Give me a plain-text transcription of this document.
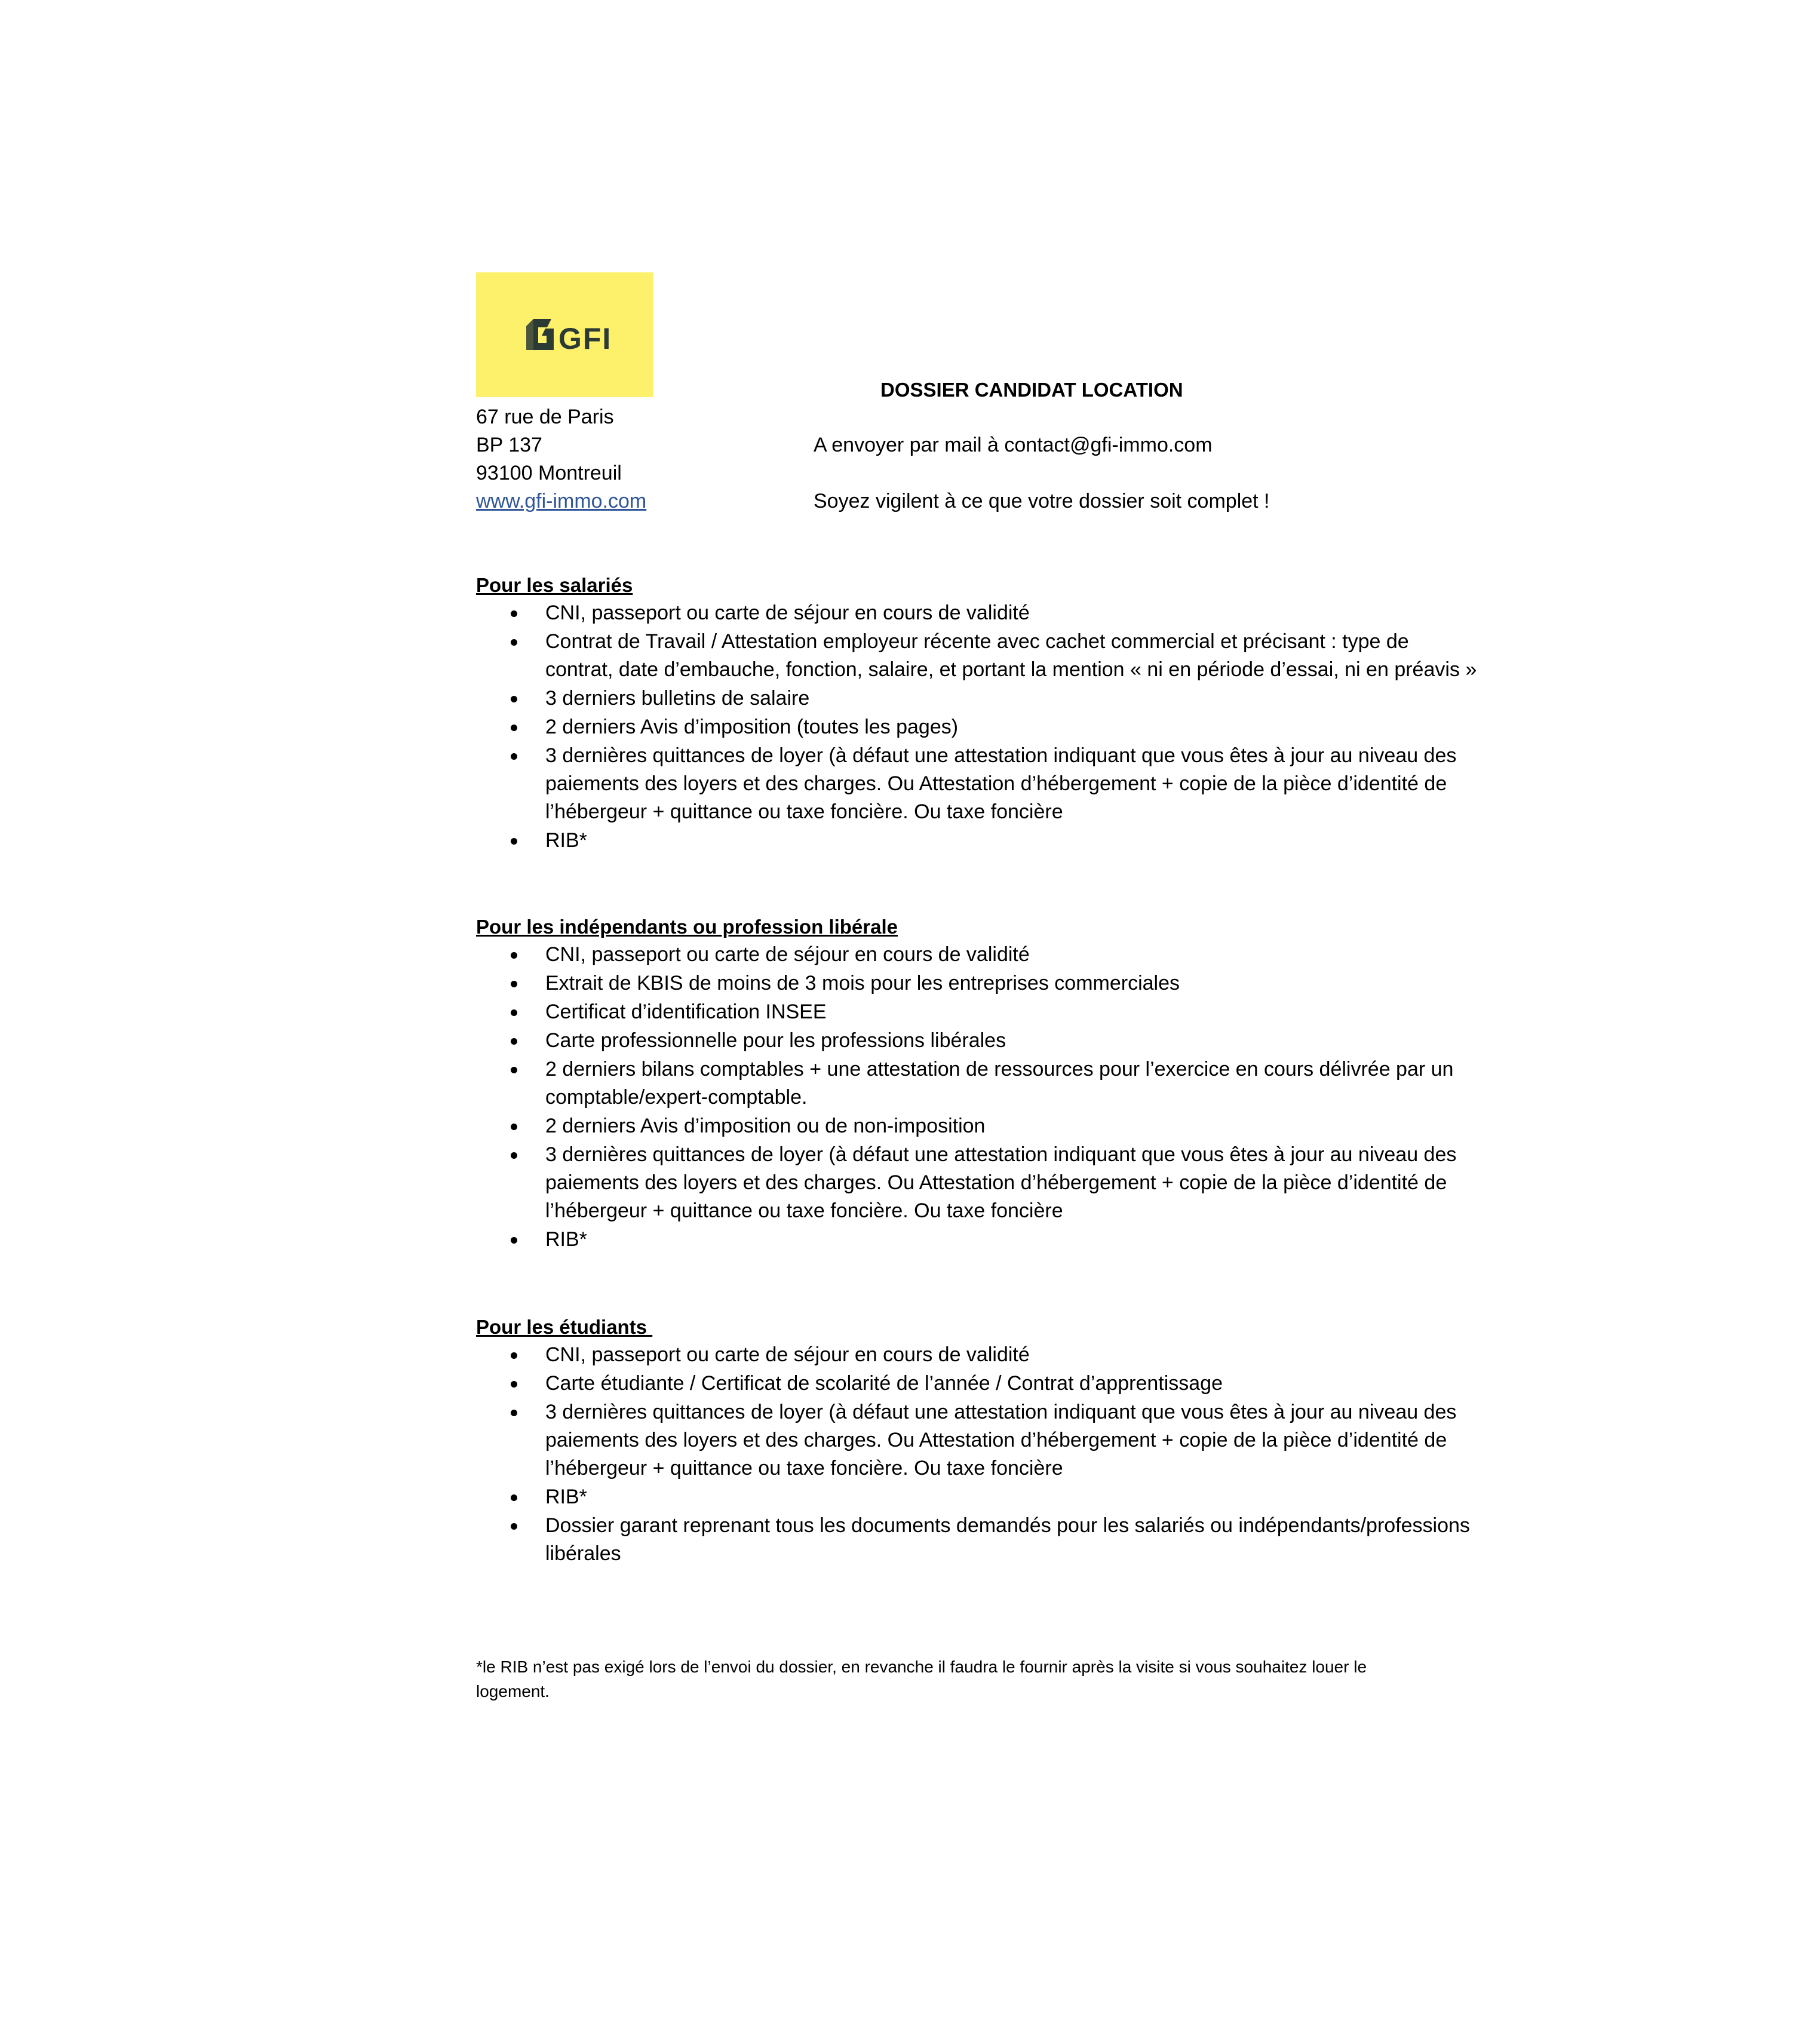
GFI
DOSSIER CANDIDAT LOCATION
67 rue de Paris
BP 137
93100 Montreuil
www.gfi-immo.com
A envoyer par mail à contact@gfi-immo.com
Soyez vigilent à ce que votre dossier soit complet !
Pour les salariés
CNI, passeport ou carte de séjour en cours de validité
Contrat de Travail / Attestation employeur récente avec cachet commercial et précisant : type de contrat, date d’embauche, fonction, salaire, et portant la mention « ni en période d’essai, ni en préavis »
3 derniers bulletins de salaire
2 derniers Avis d’imposition (toutes les pages)
3 dernières quittances de loyer (à défaut une attestation indiquant que vous êtes à jour au niveau des paiements des loyers et des charges. Ou Attestation d’hébergement + copie de la pièce d’identité de l’hébergeur + quittance ou taxe foncière. Ou taxe foncière
RIB*
Pour les indépendants ou profession libérale
CNI, passeport ou carte de séjour en cours de validité
Extrait de KBIS de moins de 3 mois pour les entreprises commerciales
Certificat d’identification INSEE
Carte professionnelle pour les professions libérales
2 derniers bilans comptables + une attestation de ressources pour l’exercice en cours délivrée par un comptable/expert-comptable.
2 derniers Avis d’imposition ou de non-imposition
3 dernières quittances de loyer (à défaut une attestation indiquant que vous êtes à jour au niveau des paiements des loyers et des charges. Ou Attestation d’hébergement + copie de la pièce d’identité de l’hébergeur + quittance ou taxe foncière. Ou taxe foncière
RIB*
Pour les étudiants
CNI, passeport ou carte de séjour en cours de validité
Carte étudiante / Certificat de scolarité de l’année / Contrat d’apprentissage
3 dernières quittances de loyer (à défaut une attestation indiquant que vous êtes à jour au niveau des paiements des loyers et des charges. Ou Attestation d’hébergement + copie de la pièce d’identité de l’hébergeur + quittance ou taxe foncière. Ou taxe foncière
RIB*
Dossier garant reprenant tous les documents demandés pour les salariés ou indépendants/professions libérales
*le RIB n’est pas exigé lors de l’envoi du dossier, en revanche il faudra le fournir après la visite si vous souhaitez louer le logement.
